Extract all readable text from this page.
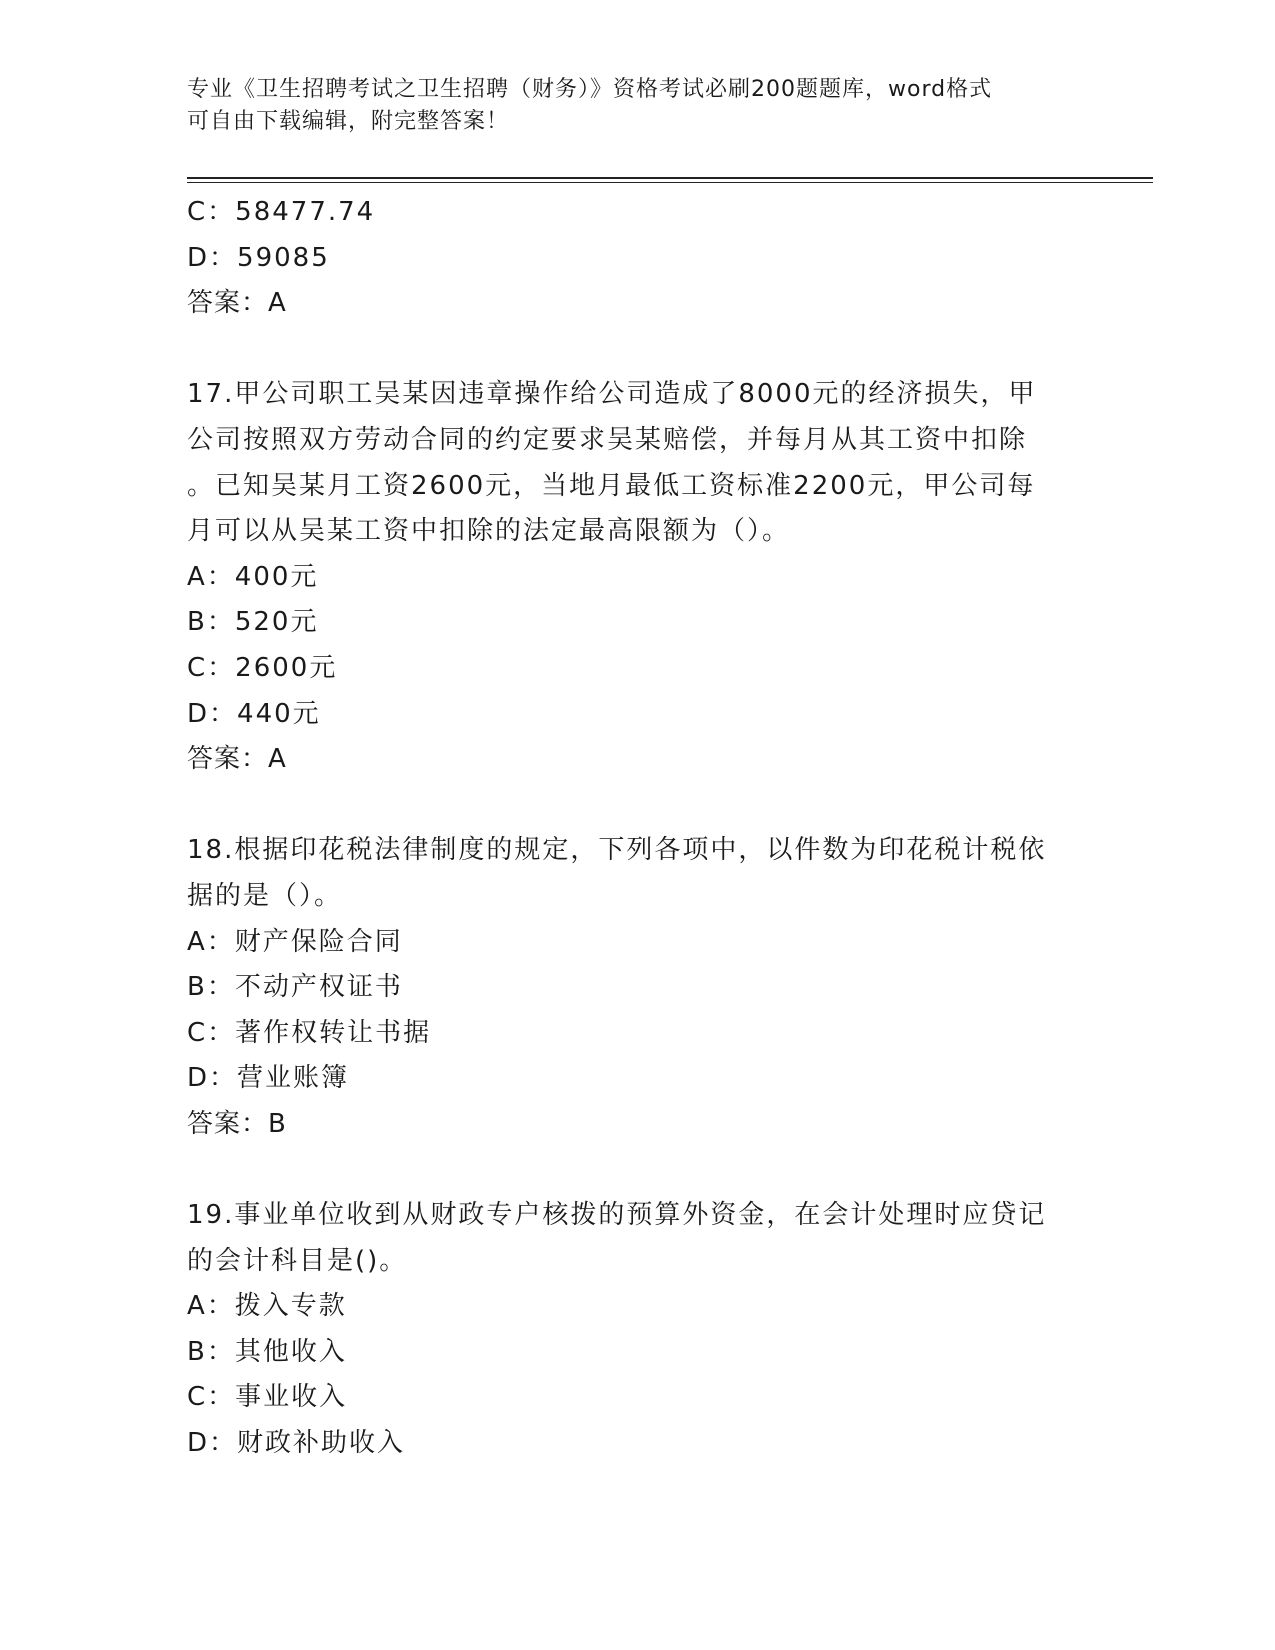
专业《卫生招聘考试之卫生招聘（财务）》资格考试必刷200题题库，word格式
可自由下载编辑，附完整答案！
C：58477.74
D：59085
答案：A
17.甲公司职工吴某因违章操作给公司造成了8000元的经济损失，甲
公司按照双方劳动合同的约定要求吴某赔偿，并每月从其工资中扣除
。已知吴某月工资2600元，当地月最低工资标准2200元，甲公司每
月可以从吴某工资中扣除的法定最高限额为（）。
A：400元
B：520元
C：2600元
D：440元
答案：A
18.根据印花税法律制度的规定，下列各项中，以件数为印花税计税依
据的是（）。
A：财产保险合同
B：不动产权证书
C：著作权转让书据
D：营业账簿
答案：B
19.事业单位收到从财政专户核拨的预算外资金，在会计处理时应贷记
的会计科目是()。
A：拨入专款
B：其他收入
C：事业收入
D：财政补助收入
